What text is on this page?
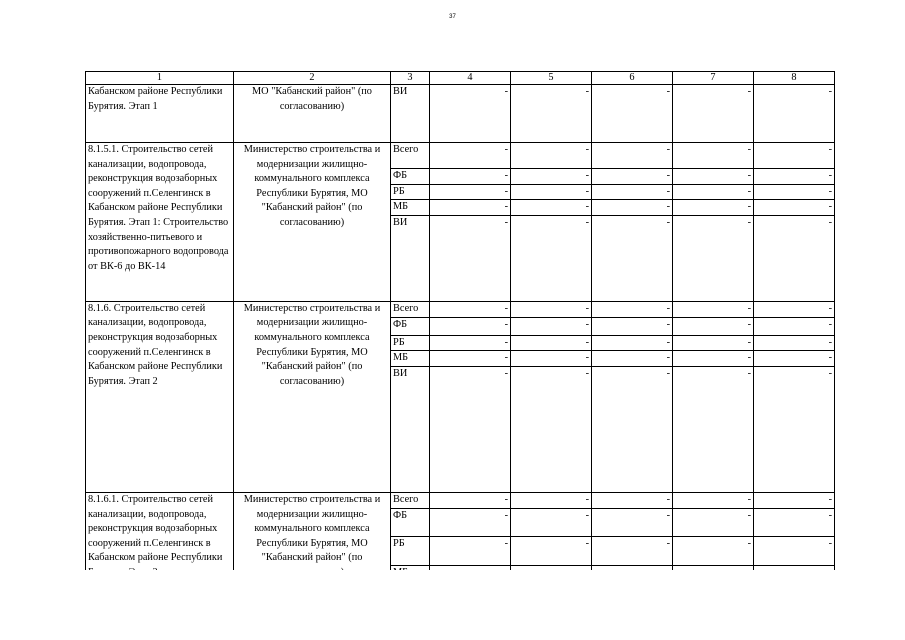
37
1	2	3	4	5	6	7	8
Кабанском районе Республики Бурятия. Этап 1	МО "Кабанский район" (по согласованию)	ВИ	-	-	-	-	-
8.1.5.1. Строительство сетей канализации, водопровода, реконструкция водозаборных сооружений п.Селенгинск в Кабанском районе Республики Бурятия. Этап 1: Строительство хозяйственно-питьевого и противопожарного водопровода от ВК-6 до ВК-14	Министерство строительства и модернизации жилищно-коммунального комплекса Республики Бурятия, МО "Кабанский район" (по согласованию)	Всего	-	-	-	-	-
		ФБ	-	-	-	-	-
		РБ	-	-	-	-	-
		МБ	-	-	-	-	-
		ВИ	-	-	-	-	-
8.1.6. Строительство сетей канализации, водопровода, реконструкция водозаборных сооружений п.Селенгинск в Кабанском районе Республики Бурятия. Этап 2	Министерство строительства и модернизации жилищно-коммунального комплекса Республики Бурятия, МО "Кабанский район" (по согласованию)	Всего	-	-	-	-	-
		ФБ	-	-	-	-	-
		РБ	-	-	-	-	-
		МБ	-	-	-	-	-
		ВИ	-	-	-	-	-
8.1.6.1. Строительство сетей канализации, водопровода, реконструкция водозаборных сооружений п.Селенгинск в Кабанском районе Республики	Министерство строительства и модернизации жилищно-коммунального комплекса Республики Бурятия, МО "Кабанский район" (по	Всего	-	-	-	-	-
		ФБ	-	-	-	-	-
		РБ	-	-	-	-	-
